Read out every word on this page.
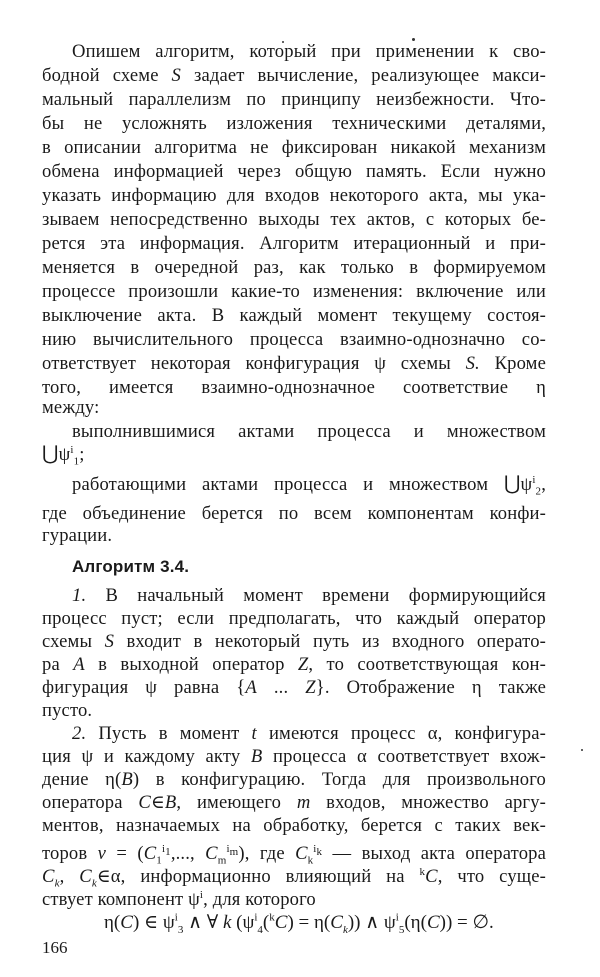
Опишем алгоритм, который при применении к сво-
бодной схеме S задает вычисление, реализующее макси-
мальный параллелизм по принципу неизбежности. Что-
бы не усложнять изложения техническими деталями,
в описании алгоритма не фиксирован никакой механизм
обмена информацией через общую память. Если нужно
указать информацию для входов некоторого акта, мы ука-
зываем непосредственно выходы тех актов, с которых бе-
рется эта информация. Алгоритм итерационный и при-
меняется в очередной раз, как только в формируемом
процессе произошли какие-то изменения: включение или
выключение акта. В каждый момент текущему состоя-
нию вычислительного процесса взаимно-однозначно со-
ответствует некоторая конфигурация ψ схемы S. Кроме
того, имеется взаимно-однозначное соответствие η
между:
выполнившимися актами процесса и множеством
$⋃\psi^i_1$;
работающими актами процесса и множеством $⋃\psi^i_2$,
где объединение берется по всем компонентам конфи-
гурации.
Алгоритм 3.4.
1. В начальный момент времени формирующийся
процесс пуст; если предполагать, что каждый оператор
схемы S входит в некоторый путь из входного операто-
ра A в выходной оператор Z, то соответствующая кон-
фигурация ψ равна {A ... Z}. Отображение η также
пусто.
2. Пусть в момент t имеются процесс α, конфигура-
ция ψ и каждому акту B процесса α соответствует вхож-
дение η(B) в конфигурацию. Тогда для произвольного
оператора C∈B, имеющего m входов, множество аргу-
ментов, назначаемых на обработку, берется с таких век-
торов $v = (C_1^{i_1}$,..., $C_m^{i_m}$), где $C_k^{i_k}$ — выход акта оператора
$C_k$, $C_k\in\alpha$, информационно влияющий на $^k$C, что суще-
ствует компонент $\psi^i$, для которого
η(C) ∈ $\psi^i_3$ ∧ ∀ k $(\psi^i_4(^kC) = \eta(C_k))$ ∧ $\psi^i_5(\eta(C))$ = ∅.
166
